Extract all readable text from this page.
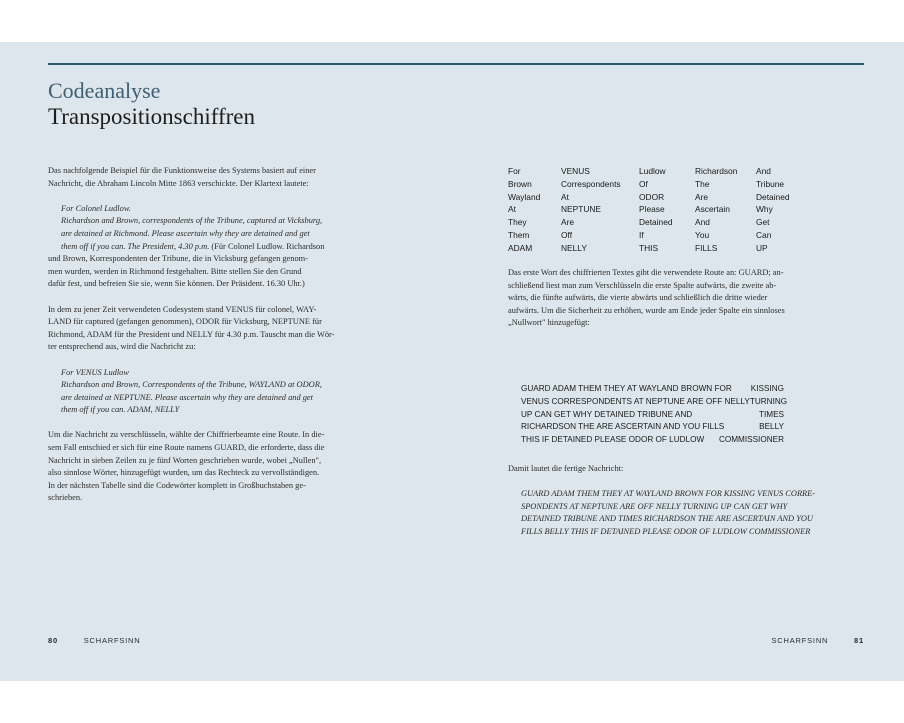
Codeanalyse
Transpositionschiffren

Das nachfolgende Beispiel für die Funktionsweise des Systems basiert auf einer

Nachricht, die Abraham Lincoln Mitte 1863 verschickte. Der Klartext lautete:

For Colonel Ludlow.

Richardson and Brown, correspondents of the Tribune, captured at Vicksburg,

are detained at Richmond. Please ascertain why they are detained and get

them off if you can. The President, 4.30 p.m. (Für Colonel Ludlow. Richardson

und Brown, Korrespondenten der Tribune, die in Vicksburg gefangen genom-

men wurden, werden in Richmond festgehalten. Bitte stellen Sie den Grund

dafür fest, und befreien Sie sie, wenn Sie können. Der Präsident. 16.30 Uhr.)

In dem zu jener Zeit verwendeten Codesystem stand VENUS für colonel, WAY-

LAND für captured (gefangen genommen), ODOR für Vicksburg, NEPTUNE für

Richmond, ADAM für the President und NELLY für 4.30 p.m. Tauscht man die Wör-

ter entsprechend aus, wird die Nachricht zu:

For VENUS Ludlow

Richardson and Brown, Correspondents of the Tribune, WAYLAND at ODOR,

are detained at NEPTUNE. Please ascertain why they are detained and get

them off if you can. ADAM, NELLY

Um die Nachricht zu verschlüsseln, wählte der Chiffrierbeamte eine Route. In die-

sem Fall entschied er sich für eine Route namens GUARD, die erforderte, dass die

Nachricht in sieben Zeilen zu je fünf Worten geschrieben wurde, wobei „Nullen",

also sinnlose Wörter, hinzugefügt wurden, um das Rechteck zu vervollständigen.

In der nächsten Tabelle sind die Codewörter komplett in Großbuchstaben ge-

schrieben.

For	VENUS	Ludlow	Richardson	And
Brown	Correspondents	Of	The	Tribune
Wayland	At	ODOR	Are	Detained
At	NEPTUNE	Please	Ascertain	Why
They	Are	Detained	And	Get
Them	Off	If	You	Can
ADAM	NELLY	THIS	FILLS	UP

Das erste Wort des chiffrierten Textes gibt die verwendete Route an: GUARD; an-

schließend liest man zum Verschlüsseln die erste Spalte aufwärts, die zweite ab-

wärts, die fünfte aufwärts, die vierte abwärts und schließlich die dritte wieder

aufwärts. Um die Sicherheit zu erhöhen, wurde am Ende jeder Spalte ein sinnloses

„Nullwort" hinzugefügt:

GUARD ADAM THEM THEY AT WAYLAND BROWN FOR KISSING
VENUS CORRESPONDENTS AT NEPTUNE ARE OFF NELLY TURNING
UP CAN GET WHY DETAINED TRIBUNE AND	TIMES
RICHARDSON THE ARE ASCERTAIN AND YOU FILLS	BELLY
THIS IF DETAINED PLEASE ODOR OF LUDLOW COMMISSIONER

Damit lautet die fertige Nachricht:

GUARD ADAM THEM THEY AT WAYLAND BROWN FOR KISSING VENUS CORRE-

SPONDENTS AT NEPTUNE ARE OFF NELLY TURNING UP CAN GET WHY

DETAINED TRIBUNE AND TIMES RICHARDSON THE ARE ASCERTAIN AND YOU

FILLS BELLY THIS IF DETAINED PLEASE ODOR OF LUDLOW COMMISSIONER

80	SCHARFSINN	SCHARFSINN	81
